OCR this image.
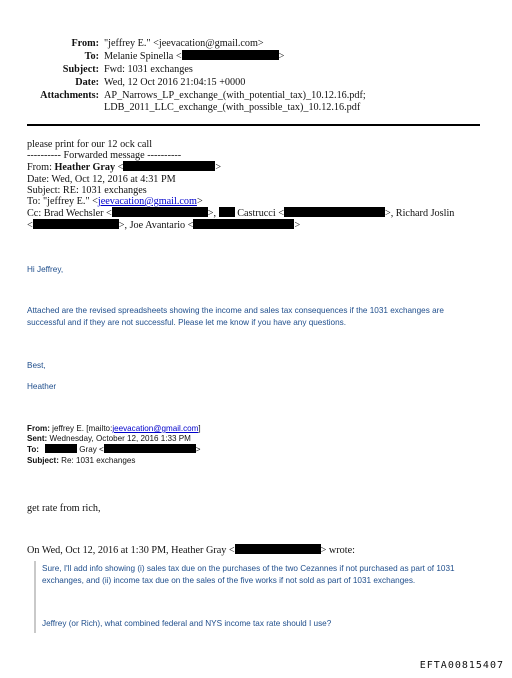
From: "jeffrey E." <jeevacation@gmail.com>
To: Melanie Spinella <	>
Subject: Fwd: 1031 exchanges
Date: Wed, 12 Oct 2016 21:04:15 +0000
Attachments: AP_Narrows_LP_exchange_(with_potential_tax)_10.12.16.pdf;
LDB_2011_LLC_exchange_(with_possible_tax)_10.12.16.pdf
please print for our 12 ock call
---------- Forwarded message ----------
From: Heather Gray <	>
Date: Wed, Oct 12, 2016 at 4:31 PM
Subject: RE: 1031 exchanges
To: "jeffrey E." <jeevacation@gmail.com>
Cc: Brad Wechsler <	>,  Castrucci <	>, Richard Joslin
<	>, Joe Avantario <	>
Hi Jeffrey,
Attached are the revised spreadsheets showing the income and sales tax consequences if the 1031 exchanges are
successful and if they are not successful. Please let me know if you have any questions.
Best,
Heather
From: jeffrey E. [mailto:jeevacation@gmail.com]
Sent: Wednesday, October 12, 2016 1:33 PM
To:	Gray <	>
Subject: Re: 1031 exchanges
get rate from rich,
On Wed, Oct 12, 2016 at 1:30 PM, Heather Gray <	> wrote:
Sure, I'll add info showing (i) sales tax due on the purchases of the two Cezannes if not purchased as part of 1031
exchanges, and (ii) income tax due on the sales of the five works if not sold as part of 1031 exchanges.
Jeffrey (or Rich), what combined federal and NYS income tax rate should I use?
EFTA00815407
